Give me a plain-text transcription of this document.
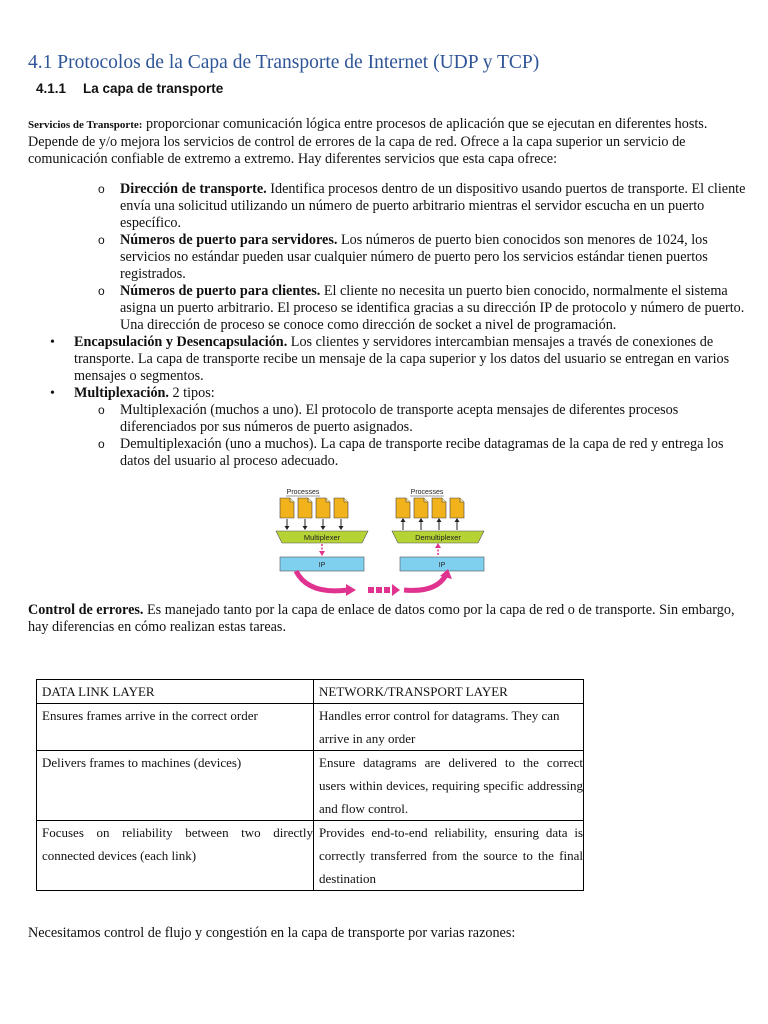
4.1 Protocolos de la Capa de Transporte de Internet (UDP y TCP)
4.1.1 La capa de transporte

Servicios de Transporte: proporcionar comunicación lógica entre procesos de aplicación que se ejecutan en diferentes hosts. Depende de y/o mejora los servicios de control de errores de la capa de red. Ofrece a la capa superior un servicio de comunicación confiable de extremo a extremo. Hay diferentes servicios que esta capa ofrece:

o Dirección de transporte. Identifica procesos dentro de un dispositivo usando puertos de transporte. El cliente envía una solicitud utilizando un número de puerto arbitrario mientras el servidor escucha en un puerto específico.
o Números de puerto para servidores. Los números de puerto bien conocidos son menores de 1024, los servicios no estándar pueden usar cualquier número de puerto pero los servicios estándar tienen puertos registrados.
o Números de puerto para clientes. El cliente no necesita un puerto bien conocido, normalmente el sistema asigna un puerto arbitrario. El proceso se identifica gracias a su dirección IP de protocolo y número de puerto. Una dirección de proceso se conoce como dirección de socket a nivel de programación.
• Encapsulación y Desencapsulación. Los clientes y servidores intercambian mensajes a través de conexiones de transporte. La capa de transporte recibe un mensaje de la capa superior y los datos del usuario se entregan en varios mensajes o segmentos.
• Multiplexación. 2 tipos:
o Multiplexación (muchos a uno). El protocolo de transporte acepta mensajes de diferentes procesos diferenciados por sus números de puerto asignados.
o Demultiplexación (uno a muchos). La capa de transporte recibe datagramas de la capa de red y entrega los datos del usuario al proceso adecuado.
Processes
Multiplexer
IP
Processes
Demultiplexer
IP

Control de errores. Es manejado tanto por la capa de enlace de datos como por la capa de red o de transporte. Sin embargo, hay diferencias en cómo realizan estas tareas.

DATA LINK LAYER	NETWORK/TRANSPORT LAYER
Ensures frames arrive in the correct order	Handles error control for datagrams. They can arrive in any order
Delivers frames to machines (devices)	Ensure datagrams are delivered to the correct users within devices, requiring specific addressing and flow control.
Focuses on reliability between two directly connected devices (each link)	Provides end-to-end reliability, ensuring data is correctly transferred from the source to the final destination

Necesitamos control de flujo y congestión en la capa de transporte por varias razones:
